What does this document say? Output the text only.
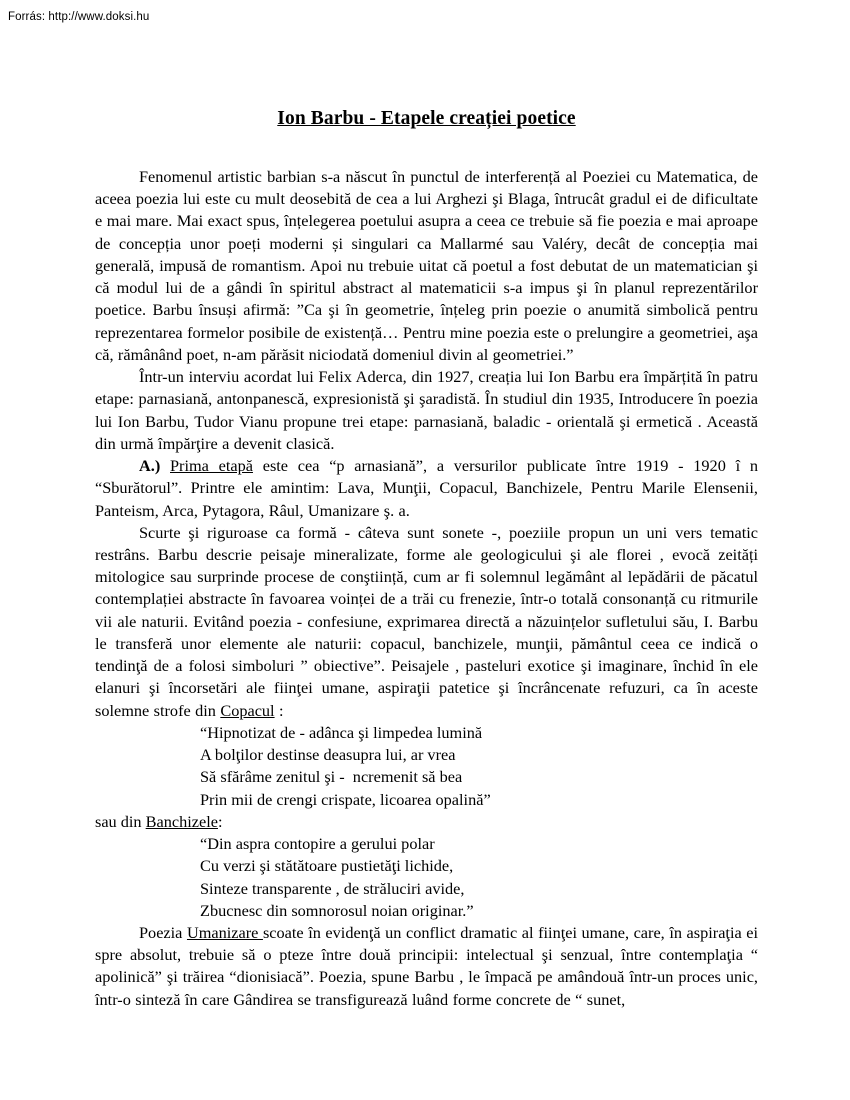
Forrás: http://www.doksi.hu
Ion Barbu - Etapele creației poetice

Fenomenul artistic barbian s-a născut în punctul de interferență al Poeziei cu Matematica, de aceea poezia lui este cu mult deosebită de cea a lui Arghezi şi Blaga, întrucât gradul ei de dificultate e mai mare. Mai exact spus, înțelegerea poetului asupra a ceea ce trebuie să fie poezia e mai aproape de concepția unor poeți moderni și singulari ca Mallarmé sau Valéry, decât de concepția mai generală, impusă de romantism. Apoi nu trebuie uitat că poetul a fost debutat de un matematician şi că modul lui de a gândi în spiritul abstract al matematicii s-a impus şi în planul reprezentărilor poetice. Barbu însuși afirmă: ”Ca şi în geometrie, înțeleg prin poezie o anumită simbolică pentru reprezentarea formelor posibile de existență… Pentru mine poezia este o prelungire a geometriei, aşa că, rămânând poet, n-am părăsit niciodată domeniul divin al geometriei.”

Într-un interviu acordat lui Felix Aderca, din 1927, creația lui Ion Barbu era împărțită în patru etape: parnasiană, antonpanescă, expresionistă şi şaradistă. În studiul din 1935, Introducere în poezia lui Ion Barbu, Tudor Vianu propune trei etape: parnasiană, baladic - orientală şi ermetică . Această din urmă împărţire a devenit clasică.

A.) Prima etapă este cea “p arnasiană”, a versurilor publicate între 1919 - 1920 î n “Sburătorul”. Printre ele amintim: Lava, Munţii, Copacul, Banchizele, Pentru Marile Elensenii, Panteism, Arca, Pytagora, Râul, Umanizare ş. a.

Scurte şi riguroase ca formă - câteva sunt sonete -, poeziile propun un uni vers tematic restrâns. Barbu descrie peisaje mineralizate, forme ale geologicului şi ale florei , evocă zeități mitologice sau surprinde procese de conştiință, cum ar fi solemnul legământ al lepădării de păcatul contemplației abstracte în favoarea voinței de a trăi cu frenezie, într-o totală consonanță cu ritmurile vii ale naturii. Evitând poezia - confesiune, exprimarea directă a năzuințelor sufletului său, I. Barbu le transferă unor elemente ale naturii: copacul, banchizele, munţii, pământul ceea ce indică o tendinţă de a folosi simboluri ” obiective”. Peisajele , pasteluri exotice şi imaginare, închid în ele elanuri şi încorsetări ale fiinţei umane, aspiraţii patetice şi încrâncenate refuzuri, ca în acestе solemne strofe din Copacul :

“Hipnotizat de - adânca şi limpedea lumină
A bolţilor destinse deasupra lui, ar vrea
Să sfărâme zenitul şi -  ncremenit să bea
Prin mii de crengi crispate, licoarea opalină”

sau din Banchizele:

“Din aspra contopire a gerului polar
Cu verzi şi stătătoare pustietăţi lichide,
Sinteze transparente , de străluciri avide,
Zbucnesc din somnorosul noian originar.”

Poezia Umanizare scoate în evidenţă un conflict dramatic al fiinţei umane, care, în aspiraţia ei spre absolut, trebuie să o pteze între două principii: intelectual şi senzual, între contemplaţia “ apolinică” şi trăirea “dionisiacă”. Poezia, spune Barbu , le împacă pe amândouă într-un proces unic, într-o sinteză în care Gândirea se transfigurează luând forme concrete de “ sunet,
